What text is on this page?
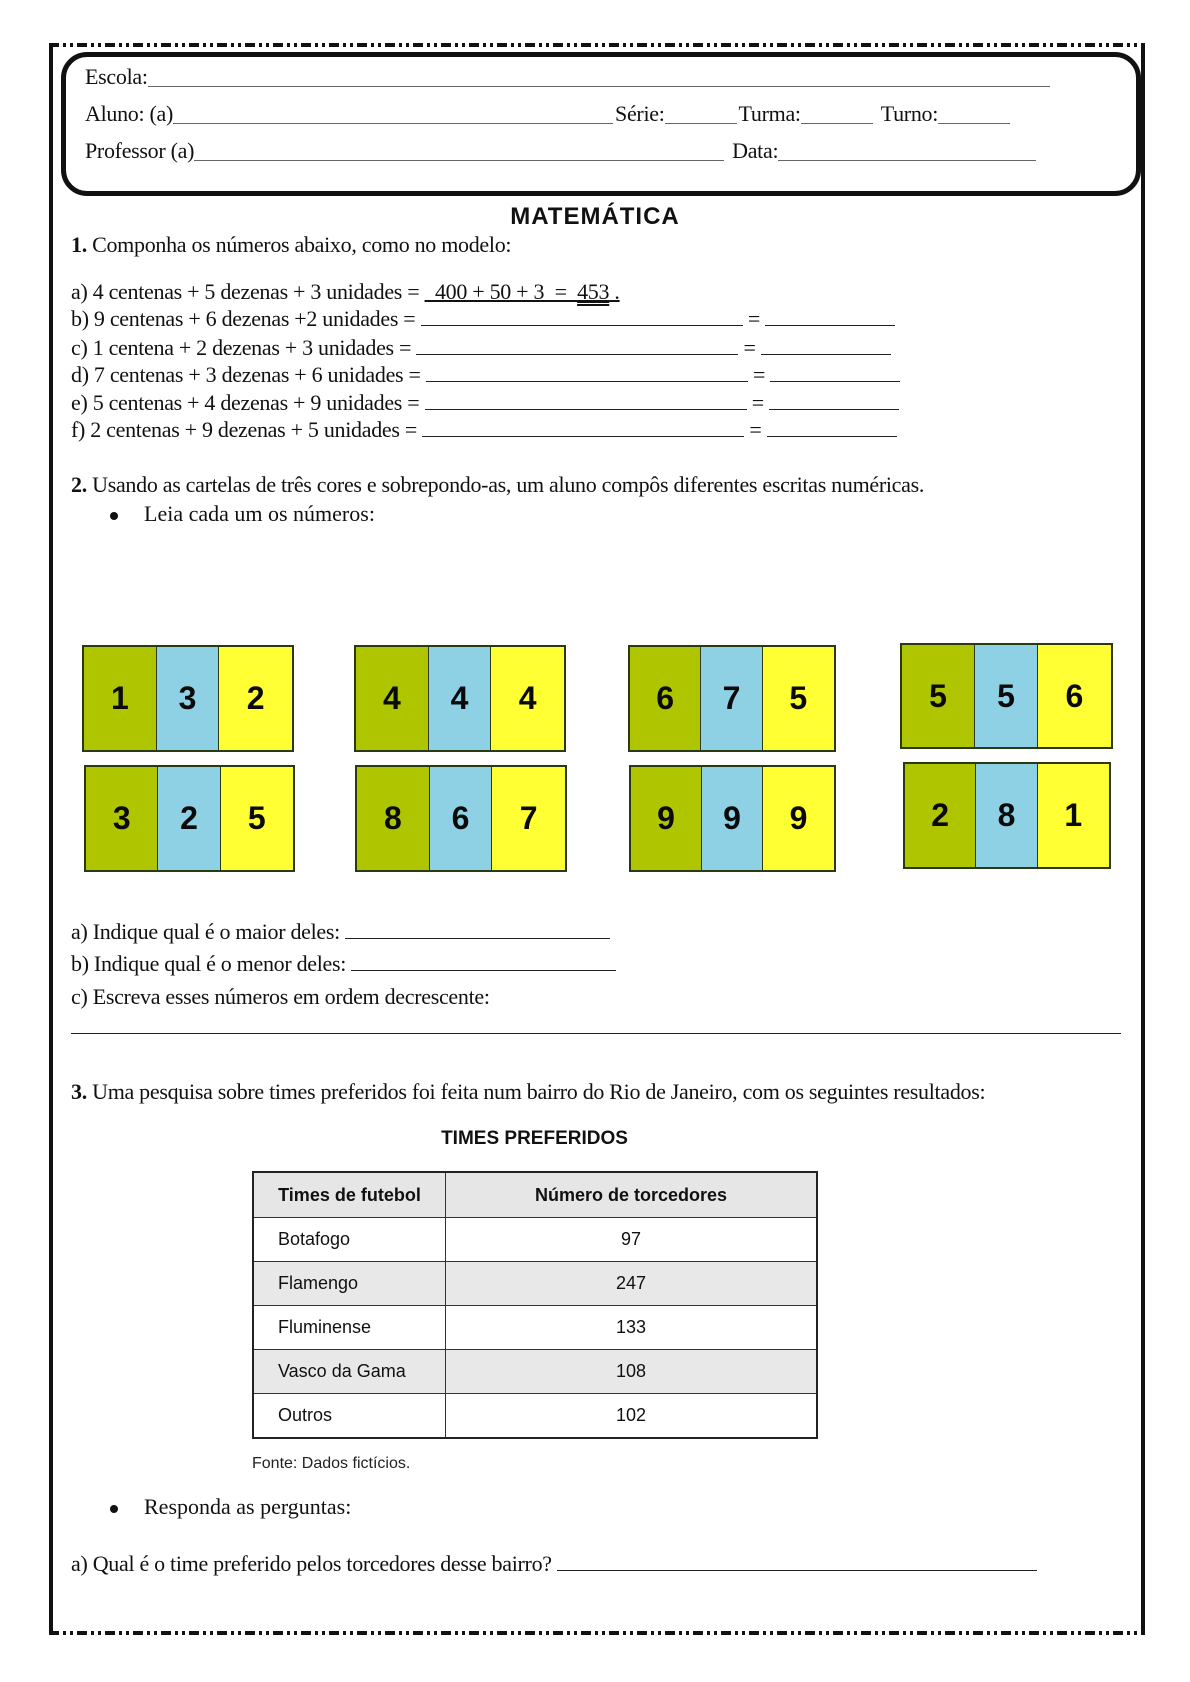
Escola:
Aluno: (a)	Série:	Turma:	Turno:
Professor (a)	Data:
MATEMÁTICA
1. Componha os números abaixo, como no modelo:
a) 4 centenas + 5 dezenas + 3 unidades =   400 + 50 + 3  =  453 .
b) 9 centenas + 6 dezenas +2 unidades =	=
c) 1 centena + 2 dezenas + 3 unidades =	=
d) 7 centenas + 3 dezenas + 6 unidades =	=
e) 5 centenas + 4 dezenas + 9 unidades =	=
f) 2 centenas + 9 dezenas + 5 unidades =	=
2. Usando as cartelas de três cores e sobrepondo-as, um aluno compôs diferentes escritas numéricas.
Leia cada um os números:
1	3	2	4	4	4	6	7	5	5	5	6
3	2	5	8	6	7	9	9	9	2	8	1
a) Indique qual é o maior deles:
b) Indique qual é o menor deles:
c) Escreva esses números em ordem decrescente:
3. Uma pesquisa sobre times preferidos foi feita num bairro do Rio de Janeiro, com os seguintes resultados:
TIMES PREFERIDOS
Times de futebol	Número de torcedores
Botafogo	97
Flamengo	247
Fluminense	133
Vasco da Gama	108
Outros	102
Fonte: Dados fictícios.
Responda as perguntas:
a) Qual é o time preferido pelos torcedores desse bairro?
